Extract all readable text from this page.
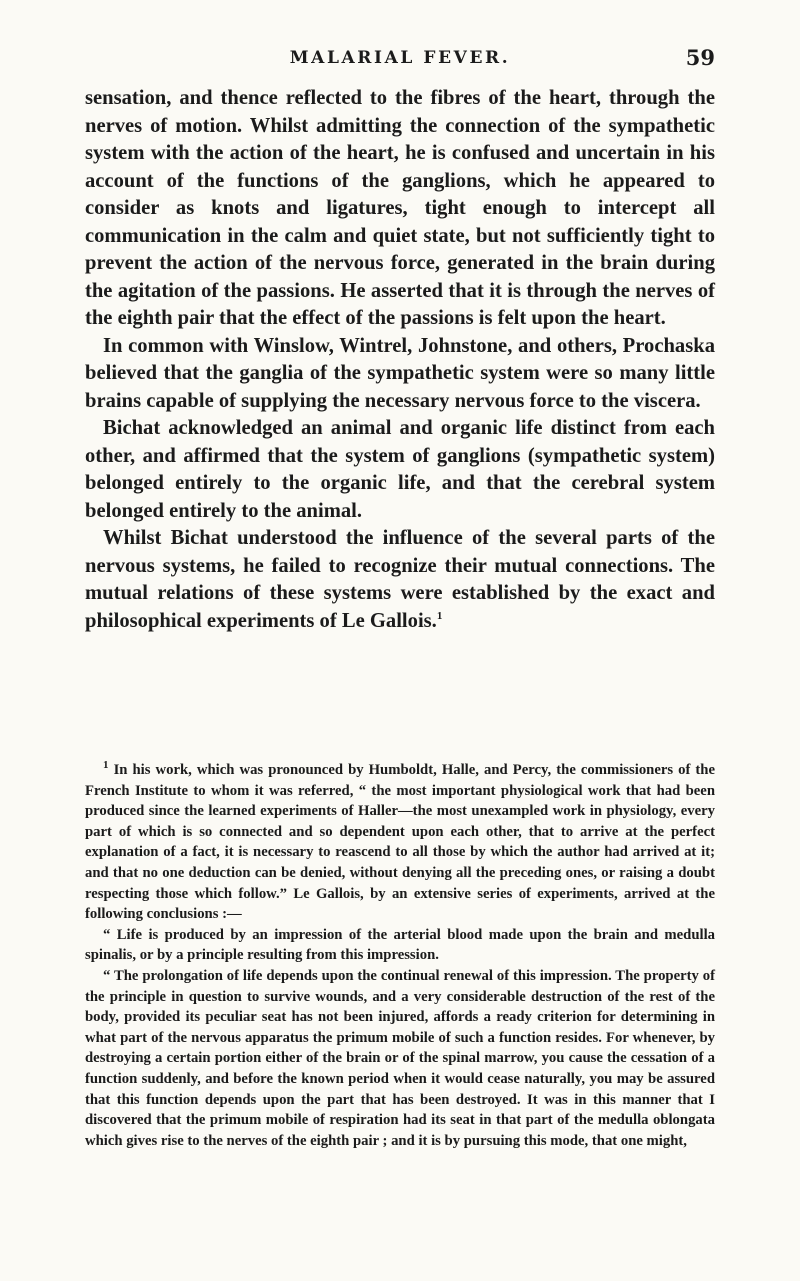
MALARIAL FEVER.	59

sensation, and thence reflected to the fibres of the heart, through the nerves of motion. Whilst admitting the connection of the sympathetic system with the action of the heart, he is confused and uncertain in his account of the functions of the ganglions, which he appeared to consider as knots and ligatures, tight enough to intercept all communication in the calm and quiet state, but not sufficiently tight to prevent the action of the nervous force, generated in the brain during the agitation of the passions. He asserted that it is through the nerves of the eighth pair that the effect of the passions is felt upon the heart.

In common with Winslow, Wintrel, Johnstone, and others, Prochaska believed that the ganglia of the sympathetic system were so many little brains capable of supplying the necessary nervous force to the viscera.

Bichat acknowledged an animal and organic life distinct from each other, and affirmed that the system of ganglions (sympathetic system) belonged entirely to the organic life, and that the cerebral system belonged entirely to the animal.

Whilst Bichat understood the influence of the several parts of the nervous systems, he failed to recognize their mutual connections. The mutual relations of these systems were established by the exact and philosophical experiments of Le Gallois.$^1$

$^1$ In his work, which was pronounced by Humboldt, Halle, and Percy, the commissioners of the French Institute to whom it was referred, “ the most important physiological work that had been produced since the learned experiments of Haller—the most unexampled work in physiology, every part of which is so connected and so dependent upon each other, that to arrive at the perfect explanation of a fact, it is necessary to reascend to all those by which the author had arrived at it; and that no one deduction can be denied, without denying all the preceding ones, or raising a doubt respecting those which follow.” Le Gallois, by an extensive series of experiments, arrived at the following conclusions :—

“ Life is produced by an impression of the arterial blood made upon the brain and medulla spinalis, or by a principle resulting from this impression.

“ The prolongation of life depends upon the continual renewal of this impression. The property of the principle in question to survive wounds, and a very considerable destruction of the rest of the body, provided its peculiar seat has not been injured, affords a ready criterion for determining in what part of the nervous apparatus the primum mobile of such a function resides. For whenever, by destroying a certain portion either of the brain or of the spinal marrow, you cause the cessation of a function suddenly, and before the known period when it would cease naturally, you may be assured that this function depends upon the part that has been destroyed. It was in this manner that I discovered that the primum mobile of respiration had its seat in that part of the medulla oblongata which gives rise to the nerves of the eighth pair ; and it is by pursuing this mode, that one might,
